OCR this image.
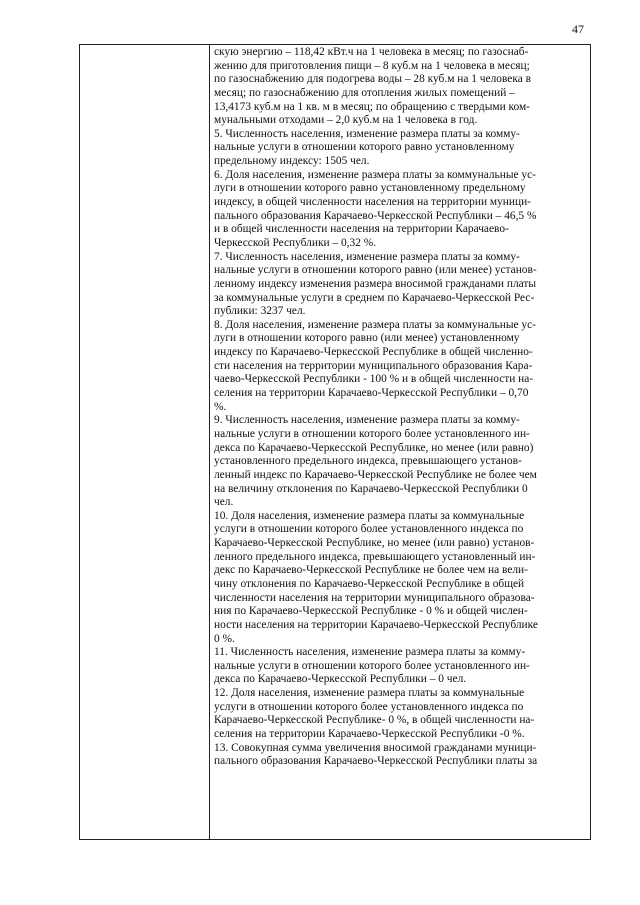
47
скую энергию – 118,42 кВт.ч на 1 человека в месяц; по газоснаб-
жению для приготовления пищи – 8 куб.м на 1 человека в месяц;
по газоснабжению для подогрева воды – 28 куб.м на 1 человека в
месяц; по газоснабжению для отопления жилых помещений –
13,4173 куб.м на 1 кв. м в месяц; по обращению с твердыми ком-
мунальными отходами – 2,0 куб.м на 1 человека в год.
5. Численность населения, изменение размера платы за комму-
нальные услуги в отношении которого равно установленному
предельному индексу: 1505 чел.
6. Доля населения, изменение размера платы за коммунальные ус-
луги в отношении которого равно установленному предельному
индексу, в общей численности населения на территории муници-
пального образования Карачаево-Черкесской Республики – 46,5 %
и в общей численности населения на территории Карачаево-
Черкесской Республики – 0,32 %.
7. Численность населения, изменение размера платы за комму-
нальные услуги в отношении которого равно (или менее) установ-
ленному индексу изменения размера вносимой гражданами платы
за коммунальные услуги в среднем по Карачаево-Черкесской Рес-
публики: 3237 чел.
8. Доля населения, изменение размера платы за коммунальные ус-
луги в отношении которого равно (или менее) установленному
индексу по Карачаево-Черкесской Республике в общей численно-
сти населения на территории муниципального образования Кара-
чаево-Черкесской Республики - 100 % и в общей численности на-
селения на территории Карачаево-Черкесской Республики – 0,70
%.
9. Численность населения, изменение размера платы за комму-
нальные услуги в отношении которого более установленного ин-
декса по Карачаево-Черкесской Республике, но менее (или равно)
установленного предельного индекса, превышающего установ-
ленный индекс по Карачаево-Черкесской Республике не более чем
на величину отклонения по Карачаево-Черкесской Республики 0
чел.
10. Доля населения, изменение размера платы за коммунальные
услуги в отношении которого более установленного индекса по
Карачаево-Черкесской Республике, но менее (или равно) установ-
ленного предельного индекса, превышающего установленный ин-
декс по Карачаево-Черкесской Республике не более чем на вели-
чину отклонения по Карачаево-Черкесской Республике в общей
численности населения на территории муниципального образова-
ния по Карачаево-Черкесской Республике - 0 % и общей числен-
ности населения на территории Карачаево-Черкесской Республике
0 %.
11. Численность населения, изменение размера платы за комму-
нальные услуги в отношении которого более установленного ин-
декса по Карачаево-Черкесской Республики – 0 чел.
12. Доля населения, изменение размера платы за коммунальные
услуги в отношении которого более установленного индекса по
Карачаево-Черкесской Республике- 0 %, в общей численности на-
селения на территории Карачаево-Черкесской Республики -0 %.
13. Совокупная сумма увеличения вносимой гражданами муници-
пального образования Карачаево-Черкесской Республики платы за
